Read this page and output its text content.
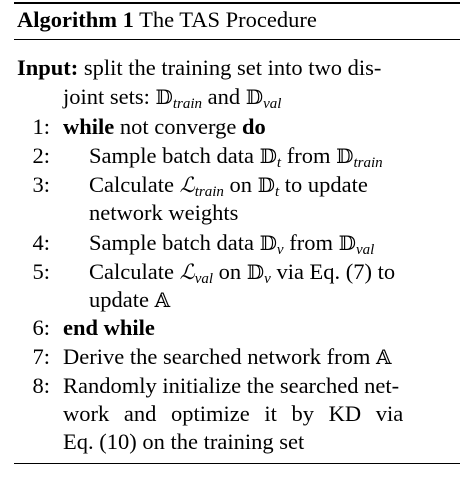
Algorithm 1 The TAS Procedure
Input: split the training set into two dis-
joint sets: 𝔻$_{train}$ and 𝔻$_{val}$
1: while not converge do
2: Sample batch data 𝔻$_t$ from 𝔻$_{train}$
3: Calculate ℒ$_{train}$ on 𝔻$_t$ to update
network weights
4: Sample batch data 𝔻$_v$ from 𝔻$_{val}$
5: Calculate ℒ$_{val}$ on 𝔻$_v$ via Eq. (7) to
update 𝔸
6: end while
7: Derive the searched network from 𝔸
8: Randomly initialize the searched net-
work and optimize it by KD via
Eq. (10) on the training set
